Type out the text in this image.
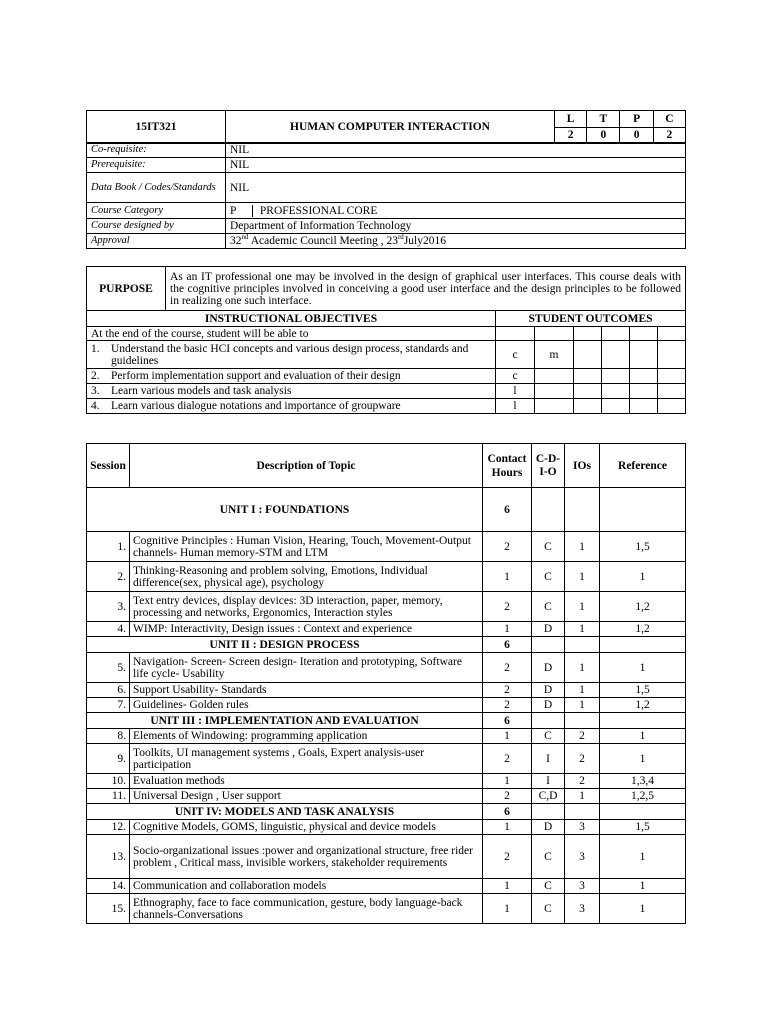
15IT321	HUMAN COMPUTER INTERACTION	
L	T	P	C
2	0	0	2
Co-requisite:	NIL
Prerequisite:	NIL
Data Book / Codes/Standards	NIL
Course Category	P PROFESSIONAL CORE
Course designed by	Department of Information Technology
Approval	32nd Academic Council Meeting , 23rdJuly2016
PURPOSE	As an IT professional one may be involved in the design of graphical user interfaces. This course deals with the cognitive principles involved in conceiving a good user interface and the design principles to be followed in realizing one such interface.						
INSTRUCTIONAL OBJECTIVES		STUDENT OUTCOMES					
At the end of the course, student will be able to							
1. Understand the basic HCI concepts and various design process, standards and guidelines		c	m				
2. Perform implementation support and evaluation of their design		c					
3. Learn various models and task analysis		l					
4. Learn various dialogue notations and importance of groupware		l					
Session	Description of Topic	Contact Hours	C-D-I-O	IOs	Reference
UNIT I : FOUNDATIONS		6			
1.	Cognitive Principles : Human Vision, Hearing, Touch, Movement-Output channels- Human memory-STM and LTM	2	C	1	1,5
2.	Thinking-Reasoning and problem solving, Emotions, Individual difference(sex, physical age), psychology	1	C	1	1
3.	Text entry devices, display devices: 3D interaction, paper, memory, processing and networks, Ergonomics, Interaction styles	2	C	1	1,2
4.	WIMP: Interactivity, Design issues : Context and experience	1	D	1	1,2
UNIT II : DESIGN PROCESS		6			
5.	Navigation- Screen- Screen design- Iteration and prototyping, Software life cycle- Usability	2	D	1	1
6.	Support Usability- Standards	2	D	1	1,5
7.	Guidelines- Golden rules	2	D	1	1,2
UNIT III : IMPLEMENTATION AND EVALUATION		6			
8.	Elements of Windowing: programming application	1	C	2	1
9.	Toolkits, UI management systems , Goals, Expert analysis-user participation	2	I	2	1
10.	Evaluation methods	1	I	2	1,3,4
11.	Universal Design , User support	2	C,D	1	1,2,5
UNIT IV: MODELS AND TASK ANALYSIS		6			
12.	Cognitive Models, GOMS, linguistic, physical and device models	1	D	3	1,5
13.	Socio-organizational issues :power and organizational structure, free rider problem , Critical mass, invisible workers, stakeholder requirements	2	C	3	1
14.	Communication and collaboration models	1	C	3	1
15.	Ethnography, face to face communication, gesture, body language-back channels-Conversations	1	C	3	1
